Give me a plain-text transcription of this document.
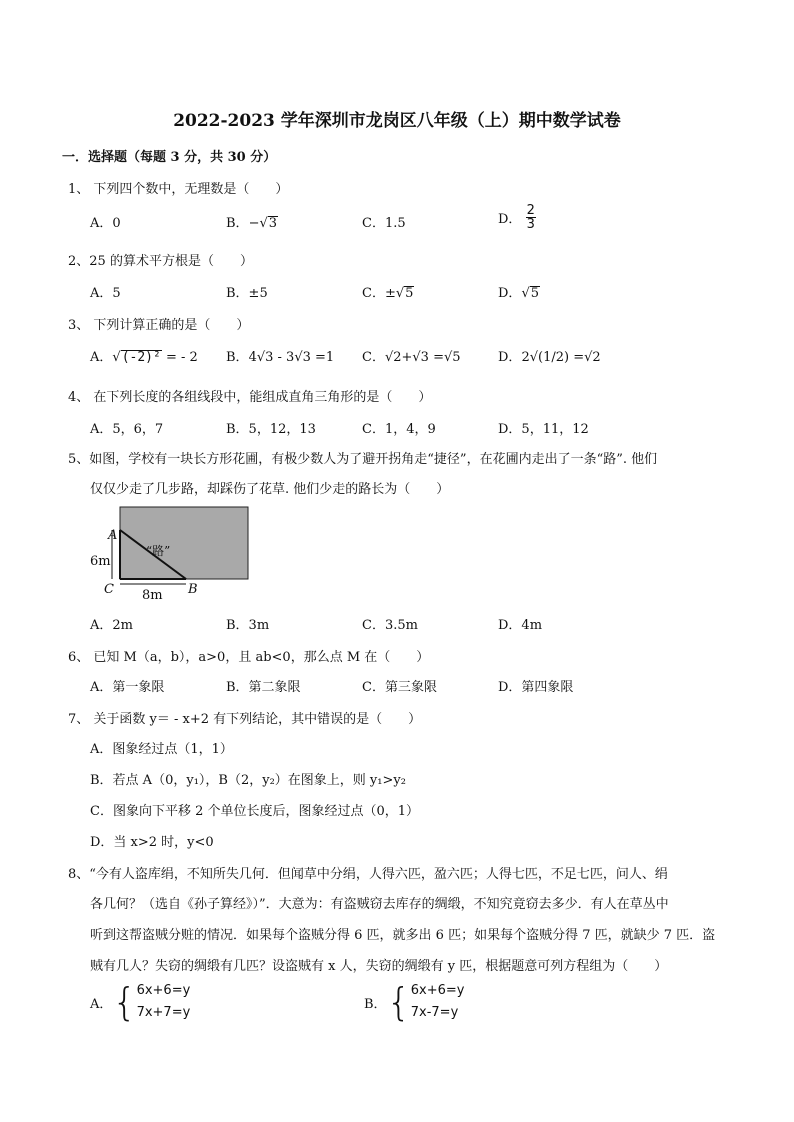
2022-2023 学年深圳市龙岗区八年级（上）期中数学试卷
一．选择题（每题 3 分，共 30 分）
1、 下列四个数中，无理数是（　　）
A．0	B．−√3	C．1.5	D． $\frac{2}{3}$
2、25 的算术平方根是（　　）
A．5	B．±5	C．±√5	D．√5
3、 下列计算正确的是（　　）
A．√(-2)² = - 2 B．4√3 - 3√3 =1 C．√2+√3 =√5	D．2√(1/2) =√2
4、 在下列长度的各组线段中，能组成直角三角形的是（　　）
A．5，6，7	B．5，12，13	C．1，4，9	D．5，11，12
5、如图，学校有一块长方形花圃，有极少数人为了避开拐角走“捷径”，在花圃内走出了一条“路”. 他们
仅仅少走了几步路，却踩伤了花草. 他们少走的路长为（　　）
A
C	B
“路”
6m
8m
A．2m	B．3m	C．3.5m	D．4m
6、 已知 M（a，b），a>0，且 ab<0，那么点 M 在（　　）
A．第一象限	B．第二象限	C．第三象限	D．第四象限
7、 关于函数 y＝ - x+2 有下列结论，其中错误的是（　　）
A．图象经过点（1，1）
B．若点 A（0，y₁），B（2，y₂）在图象上，则 y₁>y₂
C．图象向下平移 2 个单位长度后，图象经过点（0，1）
D．当 x>2 时，y<0
8、“今有人盗库绢，不知所失几何．但闻草中分绢，人得六匹，盈六匹；人得七匹，不足七匹，问人、绢
各几何？（选自《孙子算经》）”．大意为：有盗贼窃去库存的绸缎，不知究竟窃去多少．有人在草丛中
听到这帮盗贼分赃的情况．如果每个盗贼分得 6 匹，就多出 6 匹；如果每个盗贼分得 7 匹，就缺少 7 匹．盗
贼有几人？失窃的绸缎有几匹？设盗贼有 x 人，失窃的绸缎有 y 匹，根据题意可列方程组为（　　）
A． { 6x+6=y
7x+7=y
B． { 6x+6=y
7x-7=y
